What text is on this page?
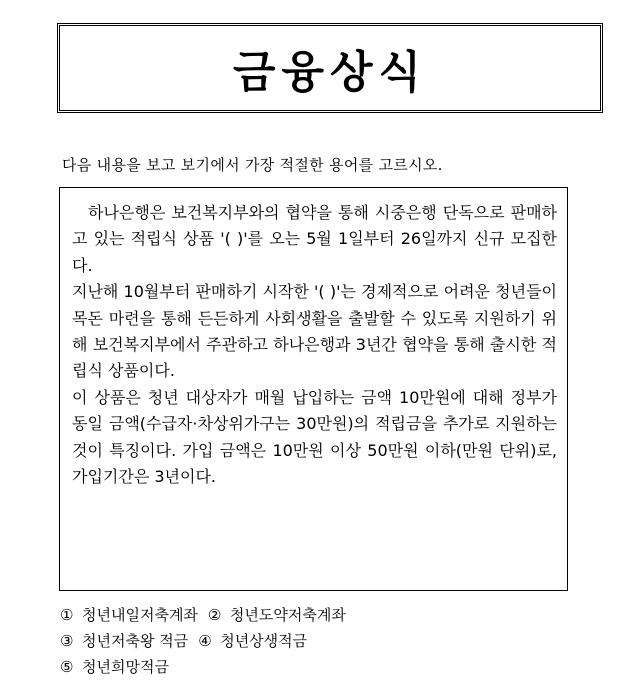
금융상식
다음 내용을 보고 보기에서 가장 적절한 용어를 고르시오.

하나은행은 보건복지부와의 협약을 통해 시중은행 단독으로 판매하고 있는 적립식 상품 '( )'를 오는 5월 1일부터 26일까지 신규 모집한다.

지난해 10월부터 판매하기 시작한 '( )'는 경제적으로 어려운 청년들이 목돈 마련을 통해 든든하게 사회생활을 출발할 수 있도록 지원하기 위해 보건복지부에서 주관하고 하나은행과 3년간 협약을 통해 출시한 적립식 상품이다.

이 상품은 청년 대상자가 매월 납입하는 금액 10만원에 대해 정부가 동일 금액(수급자·차상위가구는 30만원)의 적립금을 추가로 지원하는 것이 특징이다. 가입 금액은 10만원 이상 50만원 이하(만원 단위)로, 가입기간은 3년이다.

① 청년내일저축계좌 ② 청년도약저축계좌
③ 청년저축왕 적금 ④ 청년상생적금
⑤ 청년희망적금
